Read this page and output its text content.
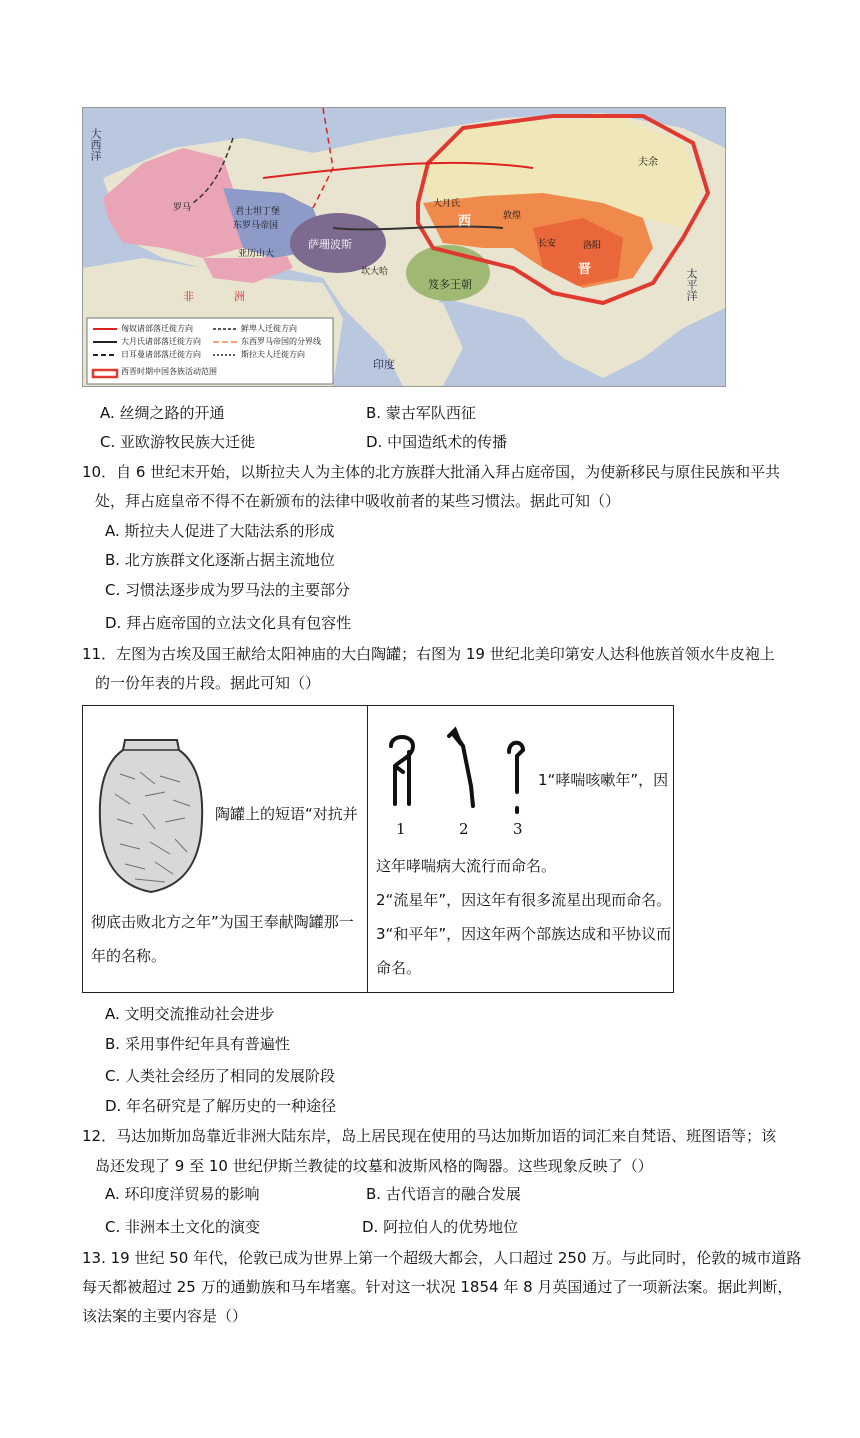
西
晋
萨珊波斯
笈多王朝
非洲
君士坦丁堡
东罗马帝国
亚历山大
罗马
长安	洛阳
敦煌
大月氏
坎大哈
夫余
太平洋
大西洋
印度
匈奴诸部落迁徙方向
大月氏诸部落迁徙方向
日耳曼诸部落迁徙方向
鲜卑人迁徙方向
东西罗马帝国的分界线
斯拉夫人迁徙方向
西晋时期中国各族活动范围
A. 丝绸之路的开通	B. 蒙古军队西征
C. 亚欧游牧民族大迁徙	D. 中国造纸术的传播
10．自 6 世纪末开始，以斯拉夫人为主体的北方族群大批涌入拜占庭帝国，为使新移民与原住民族和平共
处，拜占庭皇帝不得不在新颁布的法律中吸收前者的某些习惯法。据此可知（）
A. 斯拉夫人促进了大陆法系的形成
B. 北方族群文化逐渐占据主流地位
C. 习惯法逐步成为罗马法的主要部分
D. 拜占庭帝国的立法文化具有包容性
11．左图为古埃及国王献给太阳神庙的大白陶罐；右图为 19 世纪北美印第安人达科他族首领水牛皮袍上
的一份年表的片段。据此可知（）
陶罐上的短语“对抗并
彻底击败北方之年”为国王奉献陶罐那一
年的名称。
1	2	3
1“哮喘咳嗽年”，因
这年哮喘病大流行而命名。
2“流星年”，因这年有很多流星出现而命名。
3“和平年”，因这年两个部族达成和平协议而
命名。
A. 文明交流推动社会进步
B. 采用事件纪年具有普遍性
C. 人类社会经历了相同的发展阶段
D. 年名研究是了解历史的一种途径
12．马达加斯加岛靠近非洲大陆东岸，岛上居民现在使用的马达加斯加语的词汇来自梵语、班图语等；该
岛还发现了 9 至 10 世纪伊斯兰教徒的坟墓和波斯风格的陶器。这些现象反映了（）
A. 环印度洋贸易的影响	B. 古代语言的融合发展
C. 非洲本土文化的演变	D. 阿拉伯人的优势地位
13. 19 世纪 50 年代，伦敦已成为世界上第一个超级大都会，人口超过 250 万。与此同时，伦敦的城市道路
每天都被超过 25 万的通勤族和马车堵塞。针对这一状况 1854 年 8 月英国通过了一项新法案。据此判断，
该法案的主要内容是（）
